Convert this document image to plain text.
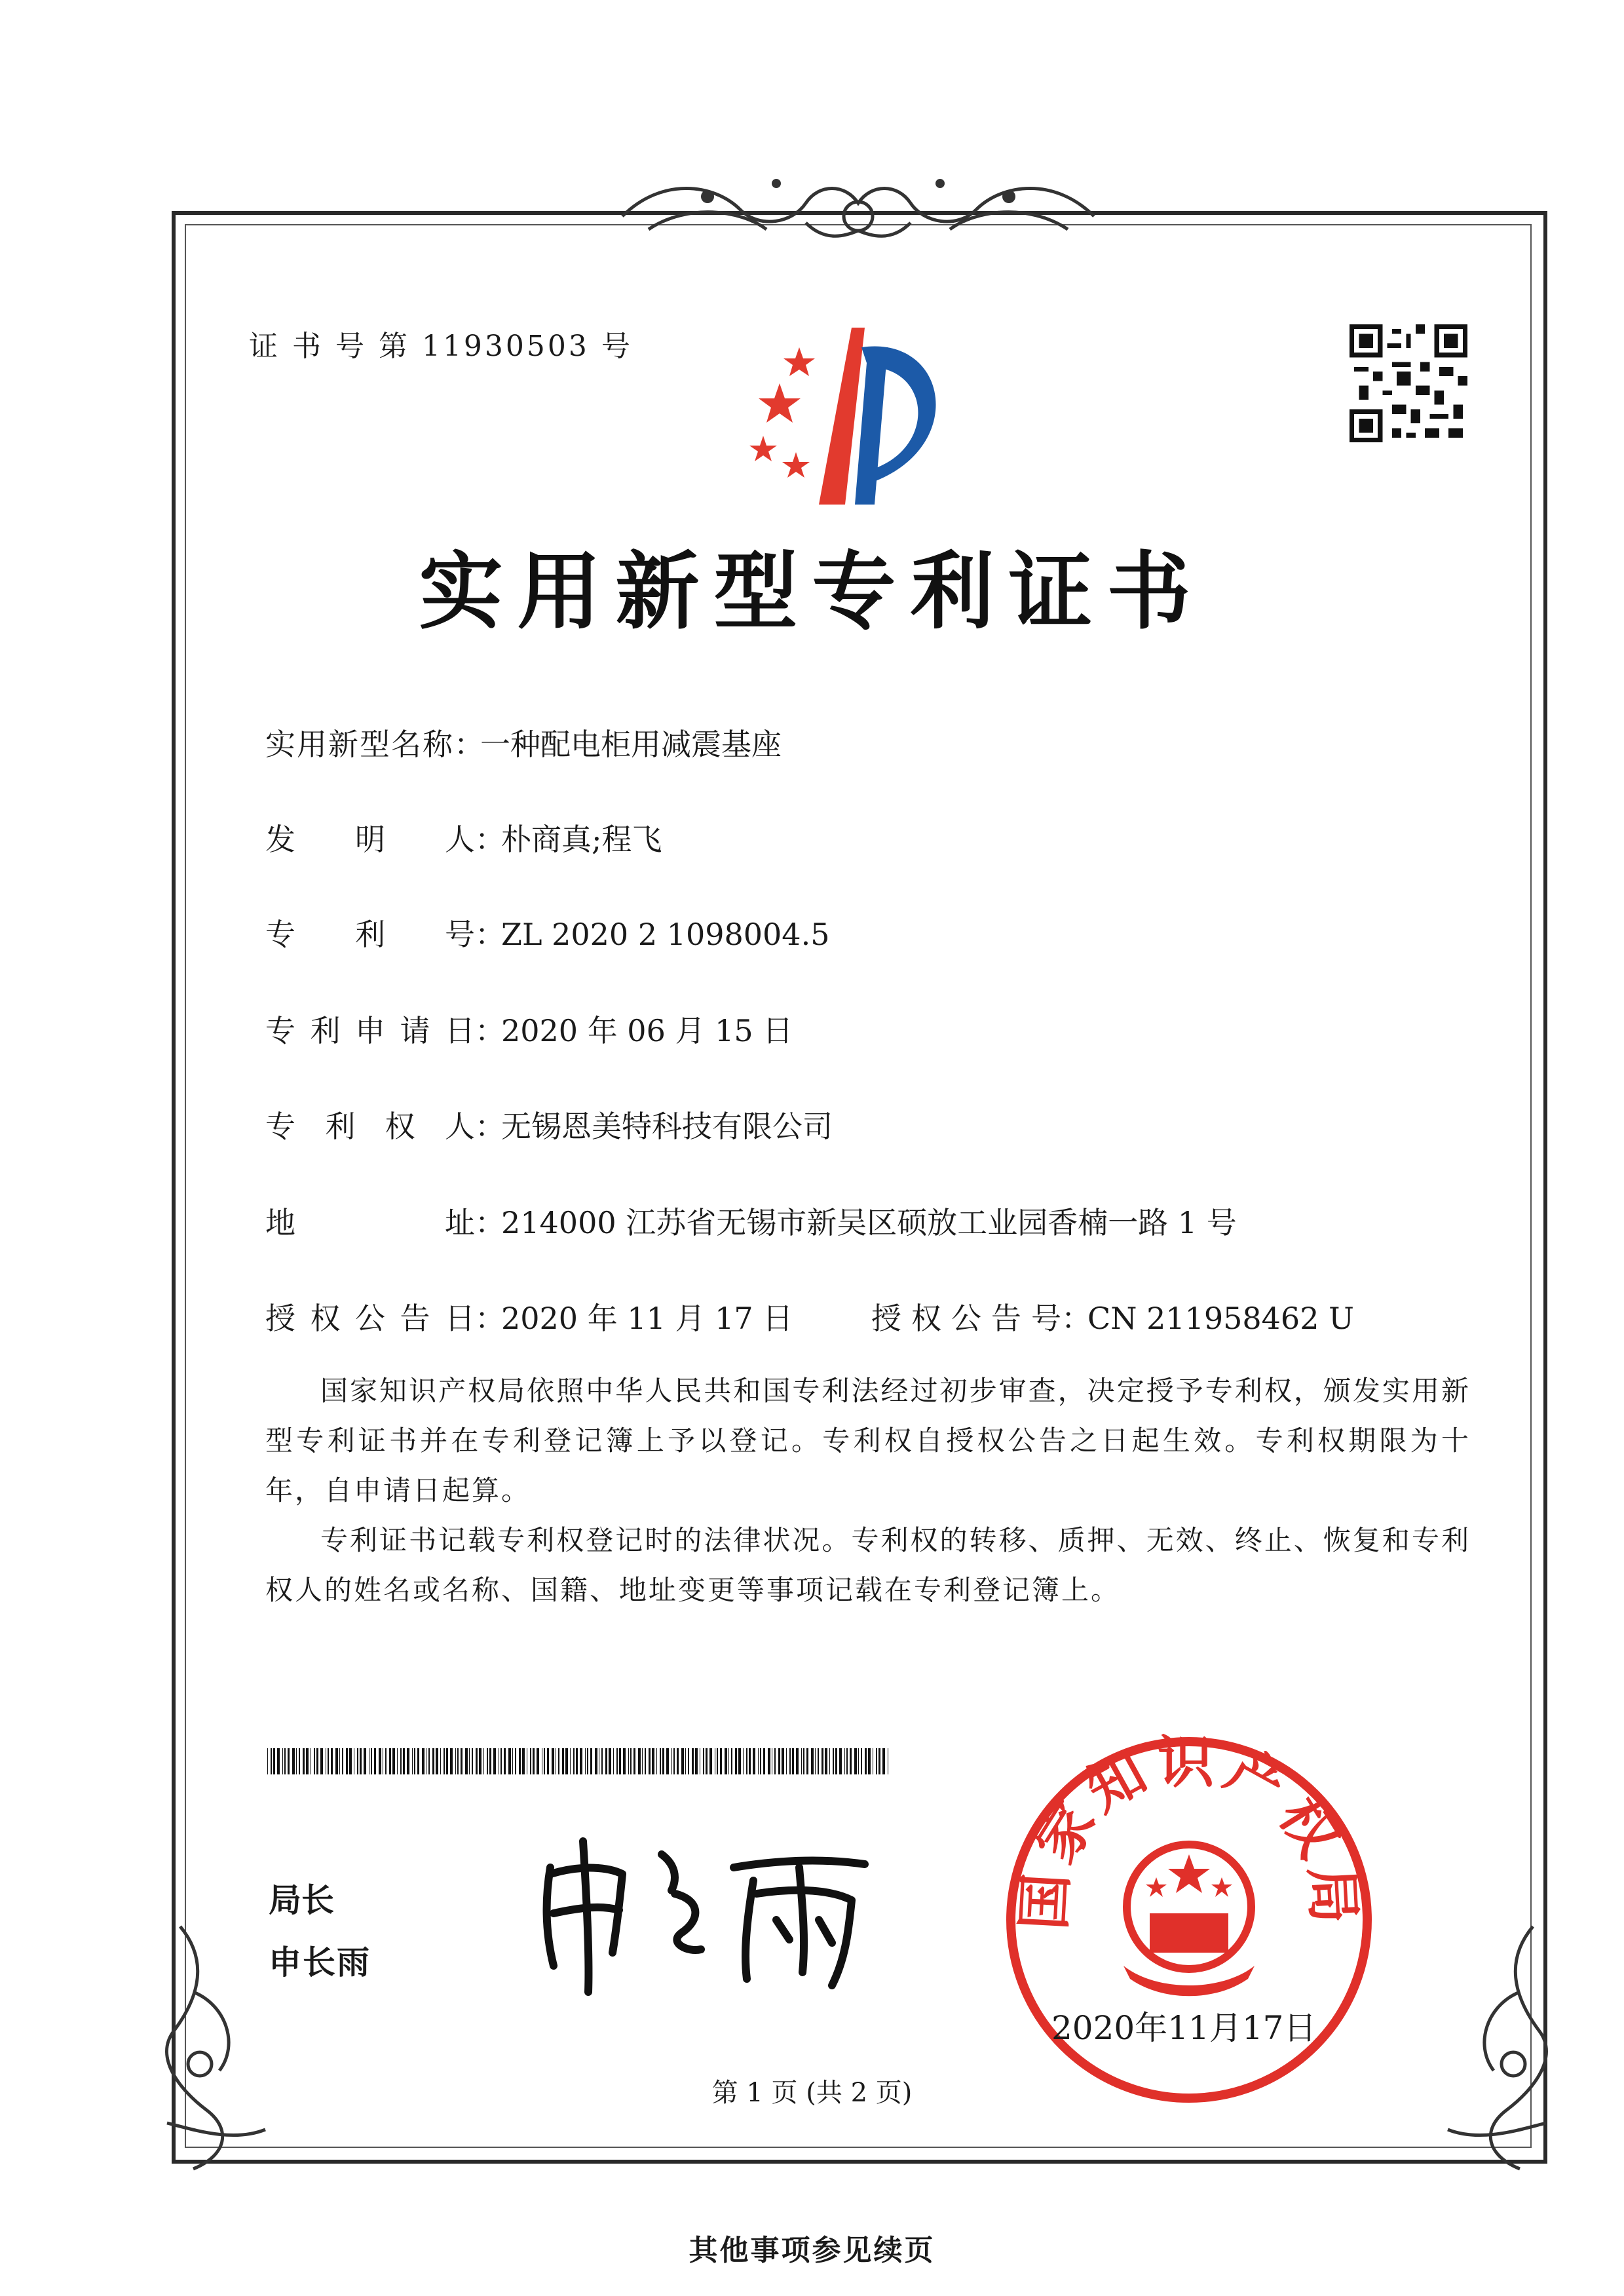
证 书 号 第 11930503 号
实用新型专利证书
实用新型名称：一种配电柜用减震基座
发明人：朴商真;程飞
专利号：ZL 2020 2 1098004.5
专利申请日：2020 年 06 月 15 日
专利权人：无锡恩美特科技有限公司
地址：214000 江苏省无锡市新吴区硕放工业园香楠一路 1 号
授权公告日：2020 年 11 月 17 日	授权公告号：CN 211958462 U

国家知识产权局依照中华人民共和国专利法经过初步审查，决定授予专利权，颁发实用新型专利证书并在专利登记簿上予以登记。专利权自授权公告之日起生效。专利权期限为十年，自申请日起算。

专利证书记载专利权登记时的法律状况。专利权的转移、质押、无效、终止、恢复和专利权人的姓名或名称、国籍、地址变更等事项记载在专利登记簿上。

局长
申长雨
国家知识产权局
2020年11月17日
第 1 页 (共 2 页)
其他事项参见续页
